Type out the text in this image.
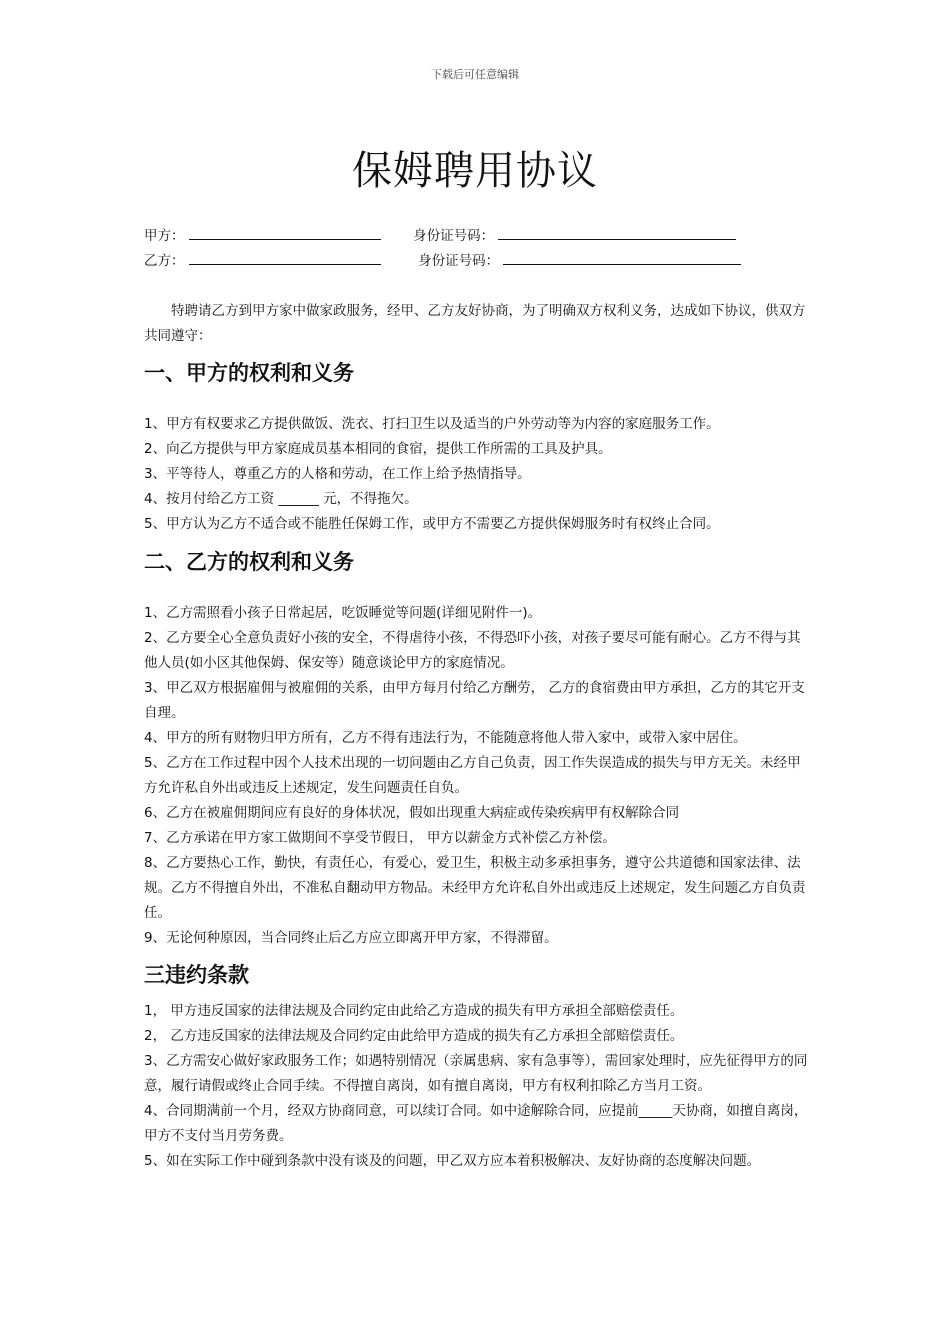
下载后可任意编辑
保姆聘用协议
甲方：	身份证号码：
乙方：	身份证号码：
特聘请乙方到甲方家中做家政服务，经甲、乙方友好协商，为了明确双方权利义务，达成如下协议，供双方共同遵守：
一、甲方的权利和义务

1、甲方有权要求乙方提供做饭、洗衣、打扫卫生以及适当的户外劳动等为内容的家庭服务工作。

2、向乙方提供与甲方家庭成员基本相同的食宿，提供工作所需的工具及护具。

3、平等待人，尊重乙方的人格和劳动，在工作上给予热情指导。

4、按月付给乙方工资 ______ 元，不得拖欠。

5、甲方认为乙方不适合或不能胜任保姆工作，或甲方不需要乙方提供保姆服务时有权终止合同。

二、乙方的权利和义务

1、乙方需照看小孩子日常起居，吃饭睡觉等问题(详细见附件一)。

2、乙方要全心全意负责好小孩的安全，不得虐待小孩，不得恐吓小孩，对孩子要尽可能有耐心。乙方不得与其他人员(如小区其他保姆、保安等）随意谈论甲方的家庭情况。

3、甲乙双方根据雇佣与被雇佣的关系，由甲方每月付给乙方酬劳， 乙方的食宿费由甲方承担，乙方的其它开支自理。

4、甲方的所有财物归甲方所有，乙方不得有违法行为，不能随意将他人带入家中，或带入家中居住。

5、乙方在工作过程中因个人技术出现的一切问题由乙方自己负责，因工作失误造成的损失与甲方无关。未经甲方允许私自外出或违反上述规定，发生问题责任自负。

6、乙方在被雇佣期间应有良好的身体状况，假如出现重大病症或传染疾病甲有权解除合同

7、乙方承诺在甲方家工做期间不享受节假日， 甲方以薪金方式补偿乙方补偿。

8、乙方要热心工作，勤快，有责任心，有爱心，爱卫生，积极主动多承担事务，遵守公共道德和国家法律、法规。乙方不得擅自外出，不准私自翻动甲方物品。未经甲方允许私自外出或违反上述规定，发生问题乙方自负责任。

9、无论何种原因，当合同终止后乙方应立即离开甲方家，不得滞留。

三违约条款

1， 甲方违反国家的法律法规及合同约定由此给乙方造成的损失有甲方承担全部赔偿责任。

2， 乙方违反国家的法律法规及合同约定由此给甲方造成的损失有乙方承担全部赔偿责任。

3、乙方需安心做好家政服务工作；如遇特别情况（亲属患病、家有急事等），需回家处理时，应先征得甲方的同意，履行请假或终止合同手续。不得擅自离岗，如有擅自离岗，甲方有权利扣除乙方当月工资。

4、合同期满前一个月，经双方协商同意，可以续订合同。如中途解除合同，应提前_____天协商，如擅自离岗，甲方不支付当月劳务费。

5、如在实际工作中碰到条款中没有谈及的问题，甲乙双方应本着积极解决、友好协商的态度解决问题。
